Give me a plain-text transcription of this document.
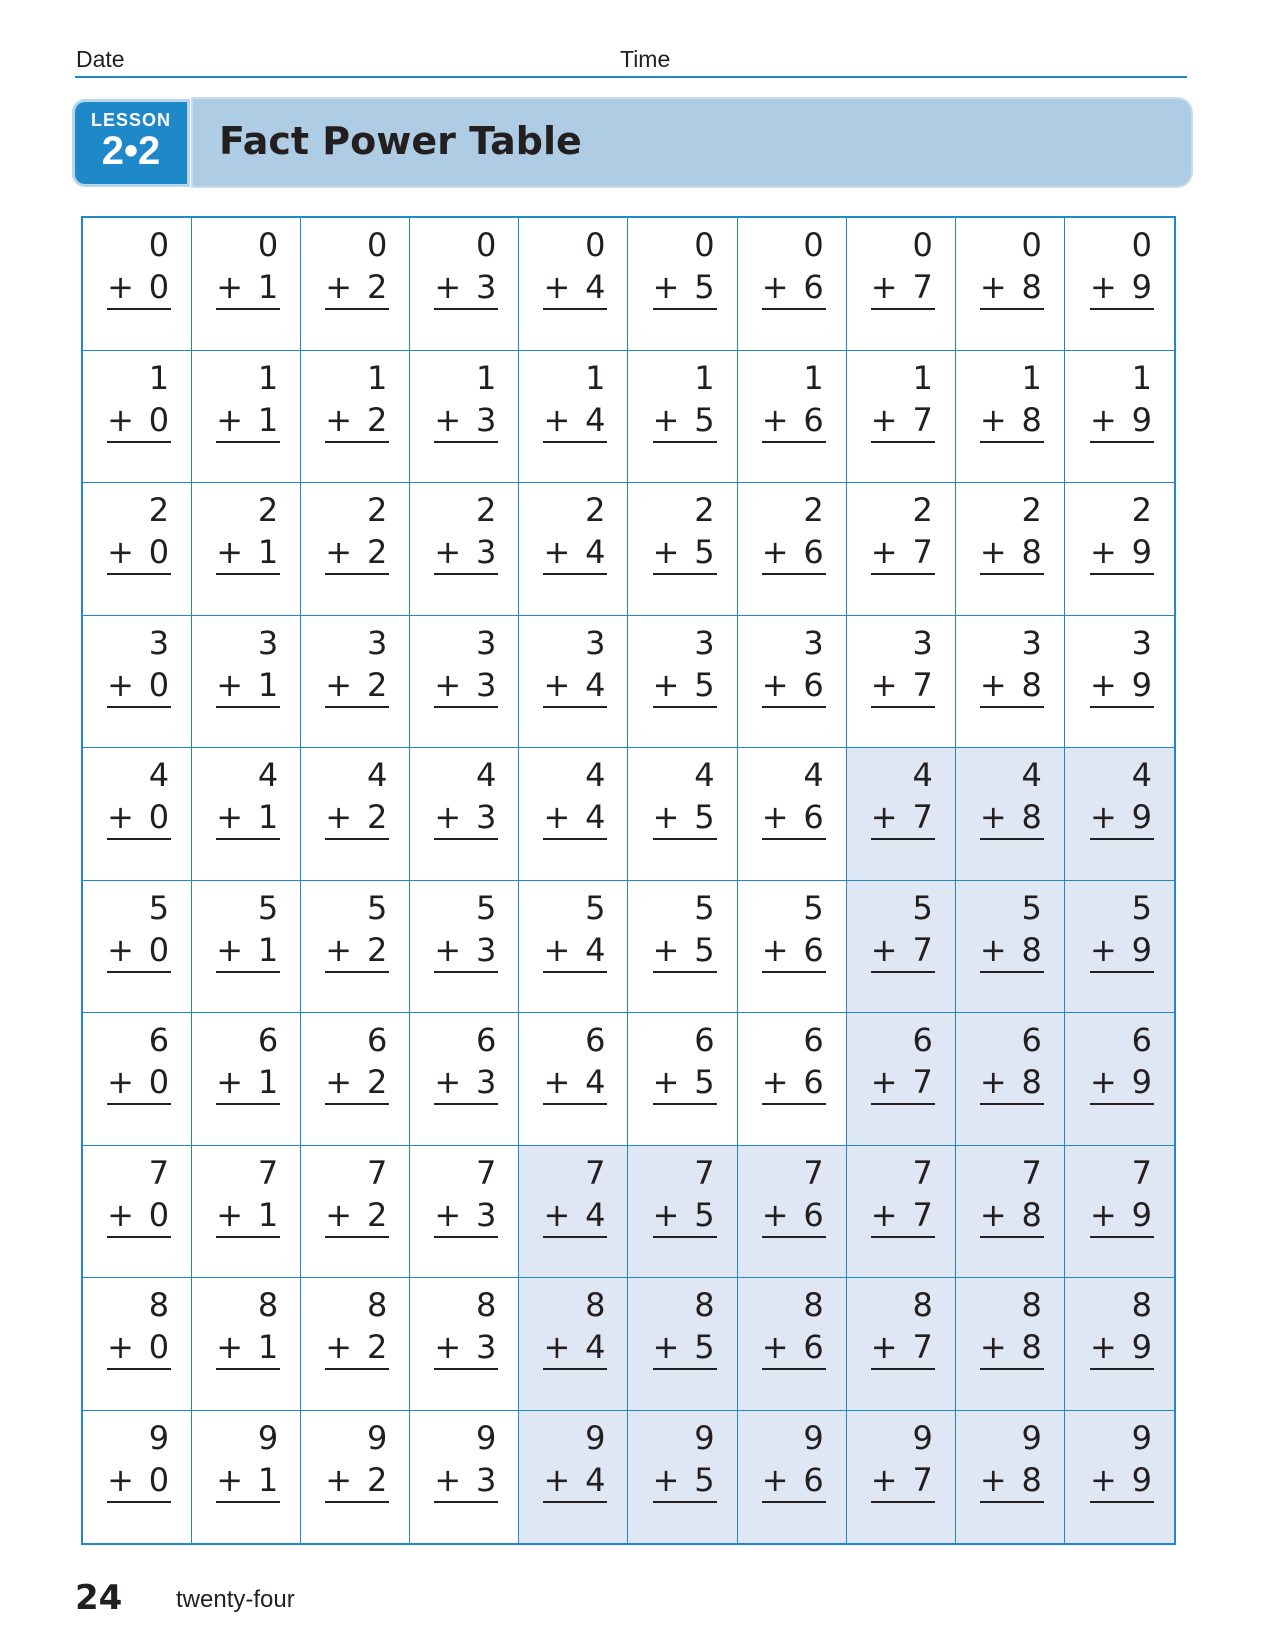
Date	Time
Fact Power Table
LESSON
2•2
0
+ 0
0
+ 1
0
+ 2
0
+ 3
0
+ 4
0
+ 5
0
+ 6
0
+ 7
0
+ 8
0
+ 9
1
+ 0
1
+ 1
1
+ 2
1
+ 3
1
+ 4
1
+ 5
1
+ 6
1
+ 7
1
+ 8
1
+ 9
2
+ 0
2
+ 1
2
+ 2
2
+ 3
2
+ 4
2
+ 5
2
+ 6
2
+ 7
2
+ 8
2
+ 9
3
+ 0
3
+ 1
3
+ 2
3
+ 3
3
+ 4
3
+ 5
3
+ 6
3
+ 7
3
+ 8
3
+ 9
4
+ 0
4
+ 1
4
+ 2
4
+ 3
4
+ 4
4
+ 5
4
+ 6
4
+ 7
4
+ 8
4
+ 9
5
+ 0
5
+ 1
5
+ 2
5
+ 3
5
+ 4
5
+ 5
5
+ 6
5
+ 7
5
+ 8
5
+ 9
6
+ 0
6
+ 1
6
+ 2
6
+ 3
6
+ 4
6
+ 5
6
+ 6
6
+ 7
6
+ 8
6
+ 9
7
+ 0
7
+ 1
7
+ 2
7
+ 3
7
+ 4
7
+ 5
7
+ 6
7
+ 7
7
+ 8
7
+ 9
8
+ 0
8
+ 1
8
+ 2
8
+ 3
8
+ 4
8
+ 5
8
+ 6
8
+ 7
8
+ 8
8
+ 9
9
+ 0
9
+ 1
9
+ 2
9
+ 3
9
+ 4
9
+ 5
9
+ 6
9
+ 7
9
+ 8
9
+ 9
24 twenty-four
